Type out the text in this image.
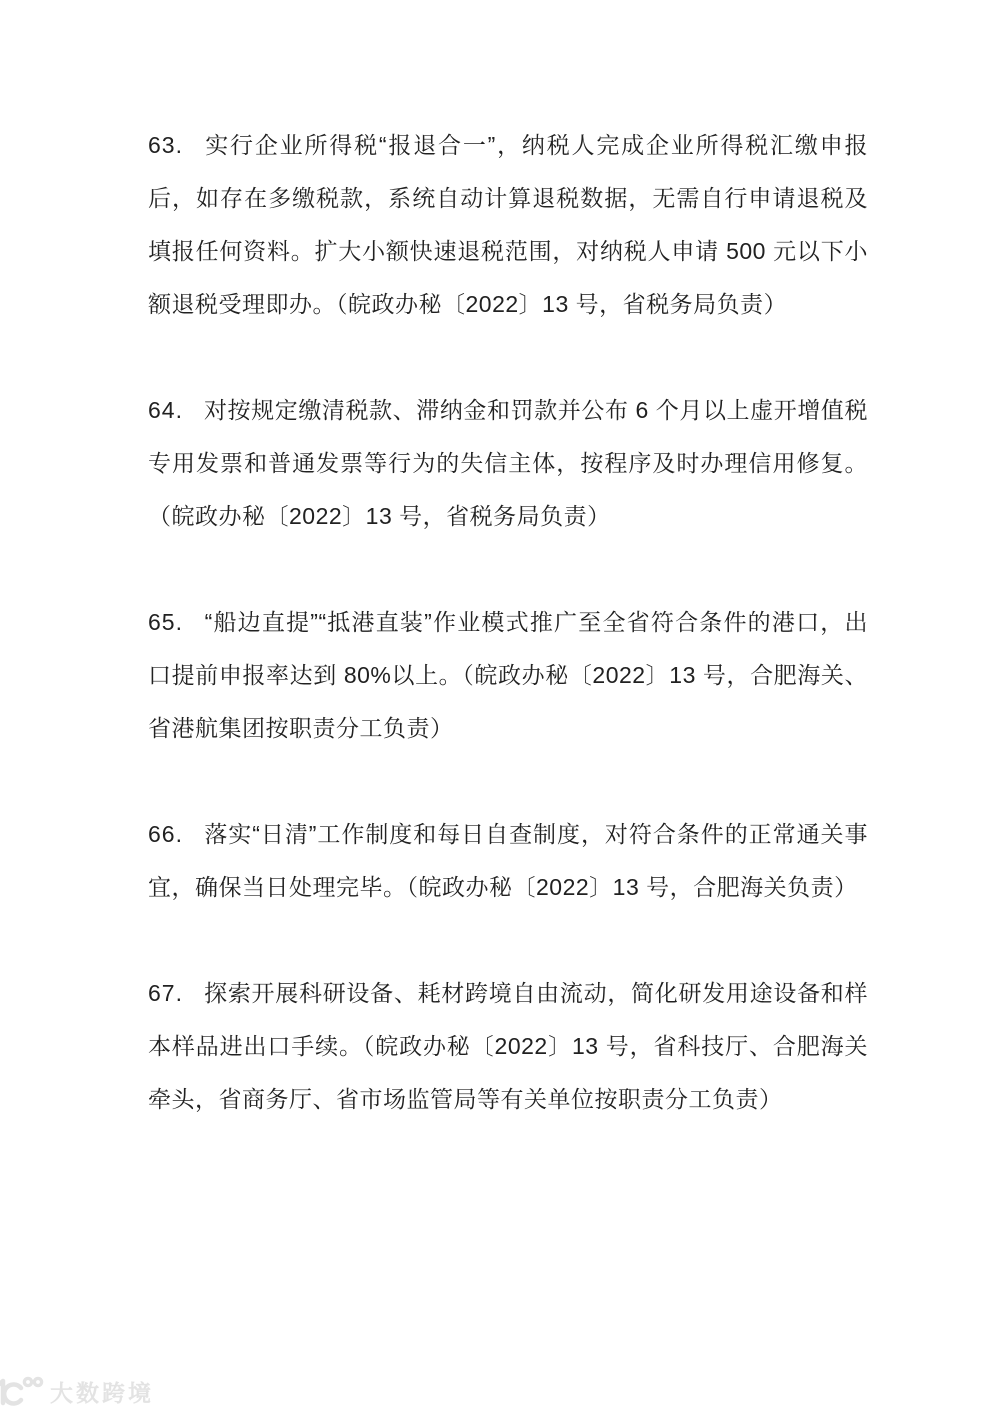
63. 实行企业所得税“报退合一”，纳税人完成企业所得税汇缴申报后，如存在多缴税款，系统自动计算退税数据，无需自行申请退税及填报任何资料。扩大小额快速退税范围，对纳税人申请 500 元以下小额退税受理即办。（皖政办秘〔2022〕13 号，省税务局负责）

64. 对按规定缴清税款、滞纳金和罚款并公布 6 个月以上虚开增值税专用发票和普通发票等行为的失信主体，按程序及时办理信用修复。（皖政办秘〔2022〕13 号，省税务局负责）

65. “船边直提”“抵港直装”作业模式推广至全省符合条件的港口，出口提前申报率达到 80%以上。（皖政办秘〔2022〕13 号，合肥海关、省港航集团按职责分工负责）

66. 落实“日清”工作制度和每日自查制度，对符合条件的正常通关事宜，确保当日处理完毕。（皖政办秘〔2022〕13 号，合肥海关负责）

67. 探索开展科研设备、耗材跨境自由流动，简化研发用途设备和样本样品进出口手续。（皖政办秘〔2022〕13 号，省科技厅、合肥海关牵头，省商务厅、省市场监管局等有关单位按职责分工负责）

大数跨境
